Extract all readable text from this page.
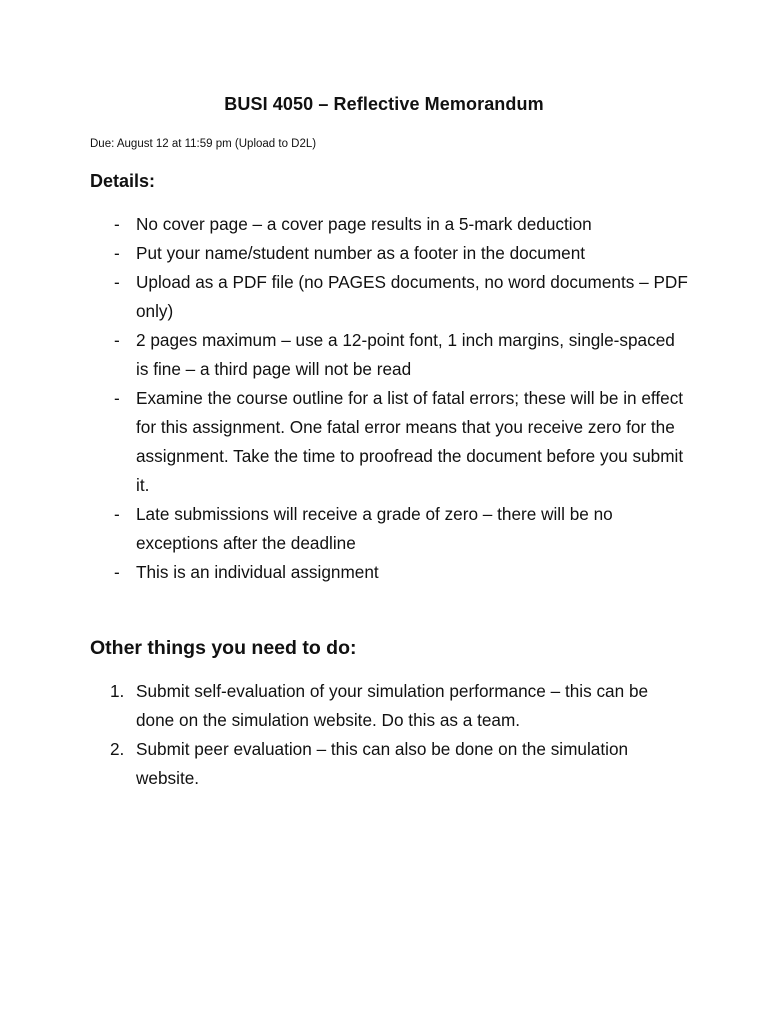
BUSI 4050 – Reflective Memorandum
Due: August 12 at 11:59 pm (Upload to D2L)
Details:
- No cover page – a cover page results in a 5-mark deduction
- Put your name/student number as a footer in the document
- Upload as a PDF file (no PAGES documents, no word documents – PDF only)
- 2 pages maximum – use a 12-point font, 1 inch margins, single-spaced is fine – a third page will not be read
- Examine the course outline for a list of fatal errors; these will be in effect for this assignment. One fatal error means that you receive zero for the assignment. Take the time to proofread the document before you submit it.
- Late submissions will receive a grade of zero – there will be no exceptions after the deadline
- This is an individual assignment
Other things you need to do:
1. Submit self-evaluation of your simulation performance – this can be done on the simulation website. Do this as a team.
2. Submit peer evaluation – this can also be done on the simulation website.
